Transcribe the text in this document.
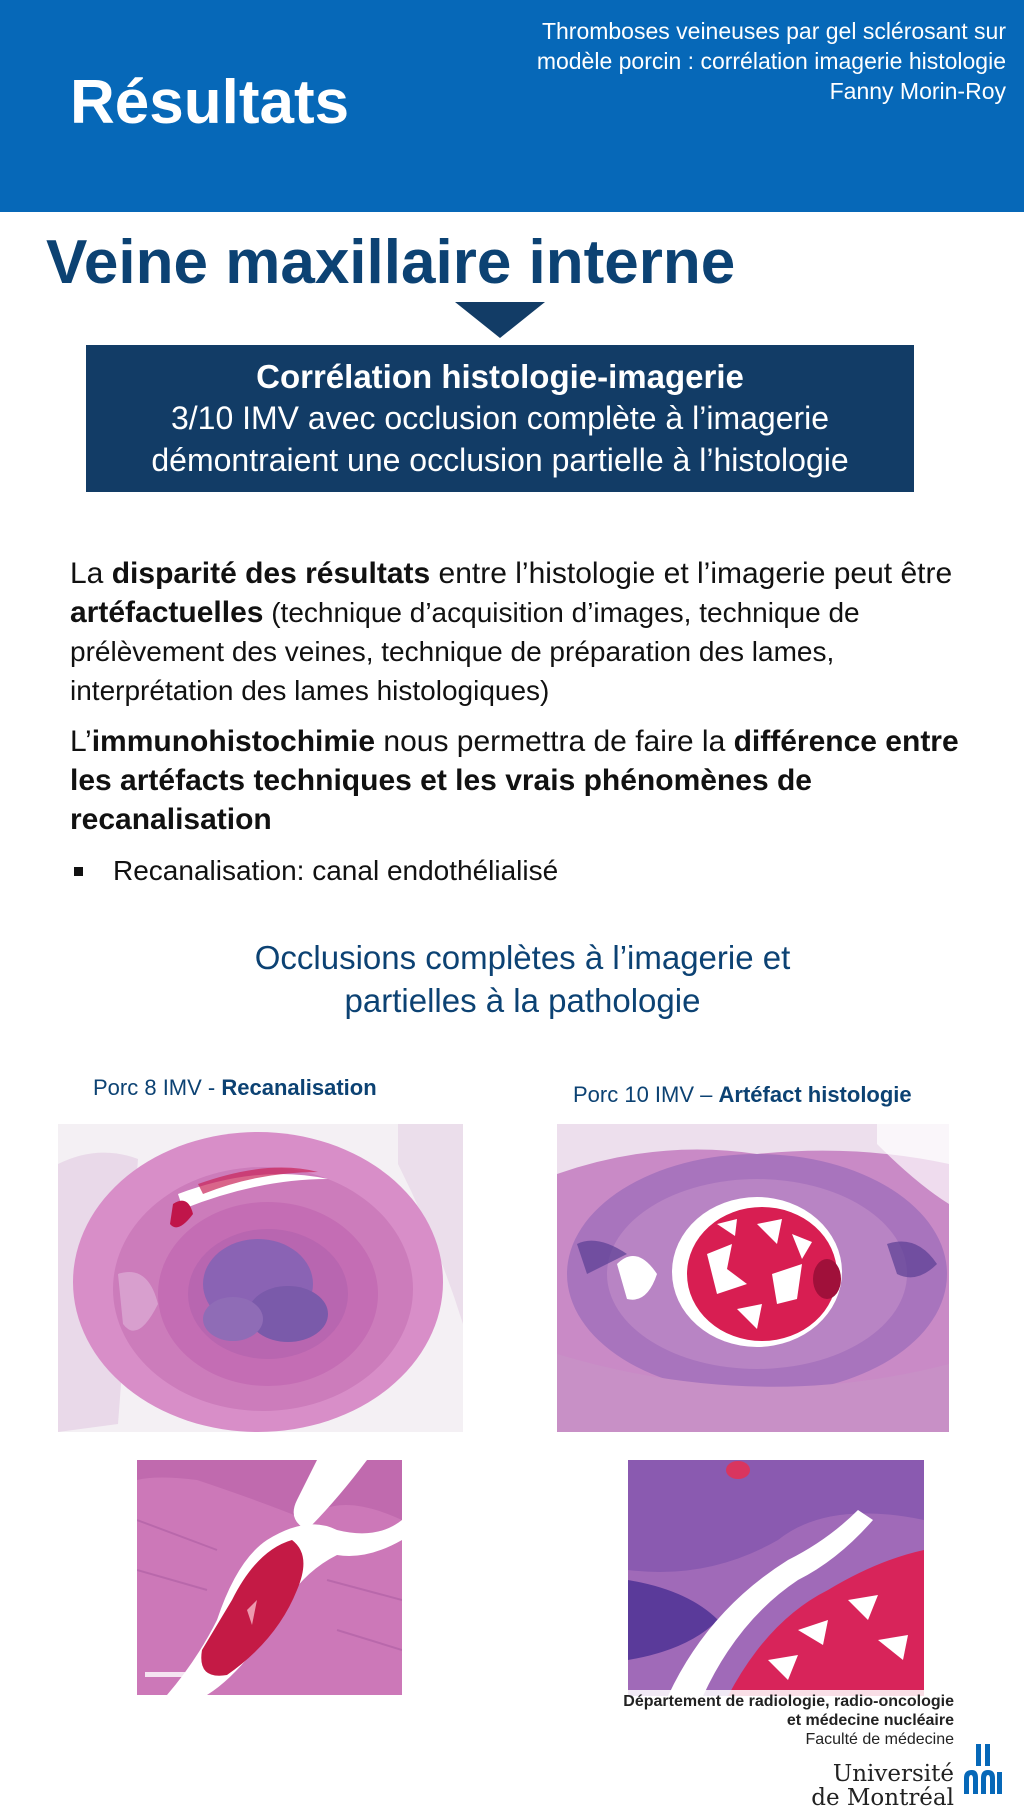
Résultats
Thromboses veineuses par gel sclérosant sur
modèle porcin : corrélation imagerie histologie
Fanny Morin-Roy
Veine maxillaire interne
Corrélation histologie-imagerie
3/10 IMV avec occlusion complète à l’imagerie
démontraient une occlusion partielle à l’histologie

La disparité des résultats entre l’histologie et l’imagerie peut être artéfactuelles (technique d’acquisition d’images, technique de prélèvement des veines, technique de préparation des lames, interprétation des lames histologiques)

L’immunohistochimie nous permettra de faire la différence entre les artéfacts techniques et les vrais phénomènes de recanalisation

Recanalisation: canal endothélialisé
Occlusions complètes à l’imagerie et
partielles à la pathologie
Porc 8 IMV - Recanalisation	Porc 10 IMV – Artéfact histologie
Département de radiologie, radio-oncologie
et médecine nucléaire
Faculté de médecine
Université
de Montréal
